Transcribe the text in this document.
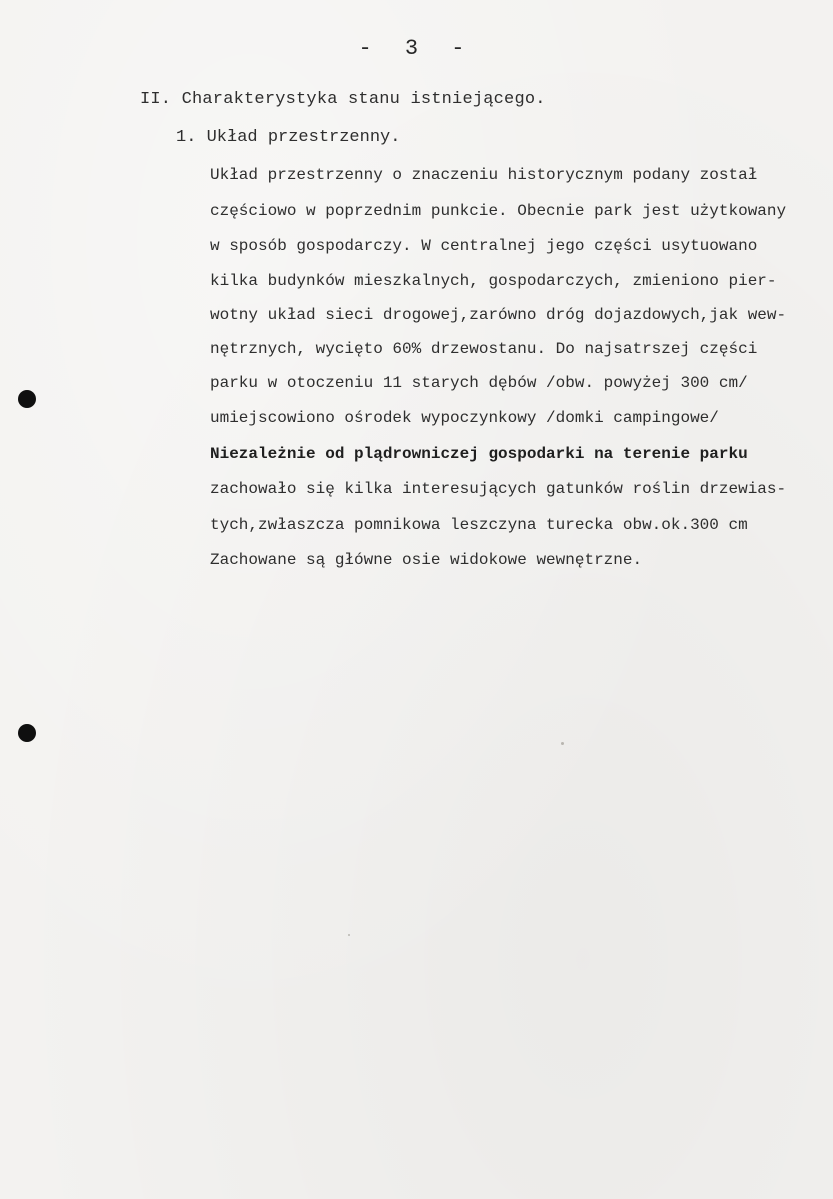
- 3 -
II. Charakterystyka stanu istniejącego.
1. Układ przestrzenny.
Układ przestrzenny o znaczeniu historycznym podany został
częściowo w poprzednim punkcie. Obecnie park jest użytkowany
w sposób gospodarczy. W centralnej jego części usytuowano
kilka budynków mieszkalnych, gospodarczych, zmieniono pier-
wotny układ sieci drogowej,zarówno dróg dojazdowych,jak wew-
nętrznych, wycięto 60% drzewostanu. Do najsatrszej części
parku w otoczeniu 11 starych dębów /obw. powyżej 300 cm/
umiejscowiono ośrodek wypoczynkowy /domki campingowe/
Niezależnie od plądrowniczej gospodarki na terenie parku
zachowało się kilka interesujących gatunków roślin drzewias-
tych,zwłaszcza pomnikowa leszczyna turecka obw.ok.300 cm
Zachowane są główne osie widokowe wewnętrzne.
